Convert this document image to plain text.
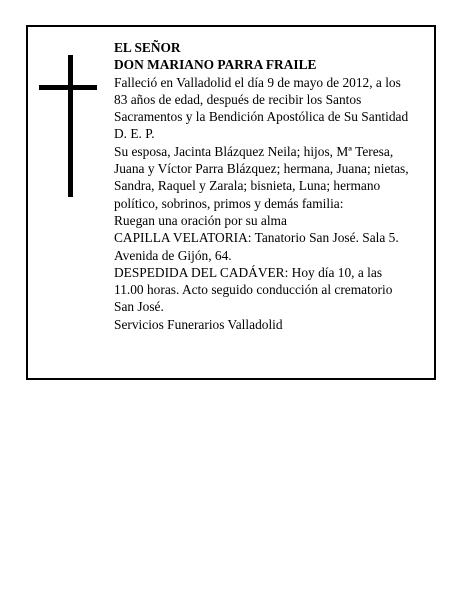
EL SEÑOR
DON MARIANO PARRA FRAILE
Falleció en Valladolid el día 9 de mayo de 2012, a los
83 años de edad, después de recibir los Santos
Sacramentos y la Bendición Apostólica de Su Santidad
D. E. P.
Su esposa, Jacinta Blázquez Neila; hijos, Mª Teresa,
Juana y Víctor Parra Blázquez; hermana, Juana; nietas,
Sandra, Raquel y Zarala; bisnieta, Luna; hermano
político, sobrinos, primos y demás familia:
Ruegan una oración por su alma
CAPILLA VELATORIA: Tanatorio San José. Sala 5.
Avenida de Gijón, 64.
DESPEDIDA DEL CADÁVER: Hoy día 10, a las
11.00 horas. Acto seguido conducción al crematorio
San José.
Servicios Funerarios Valladolid
